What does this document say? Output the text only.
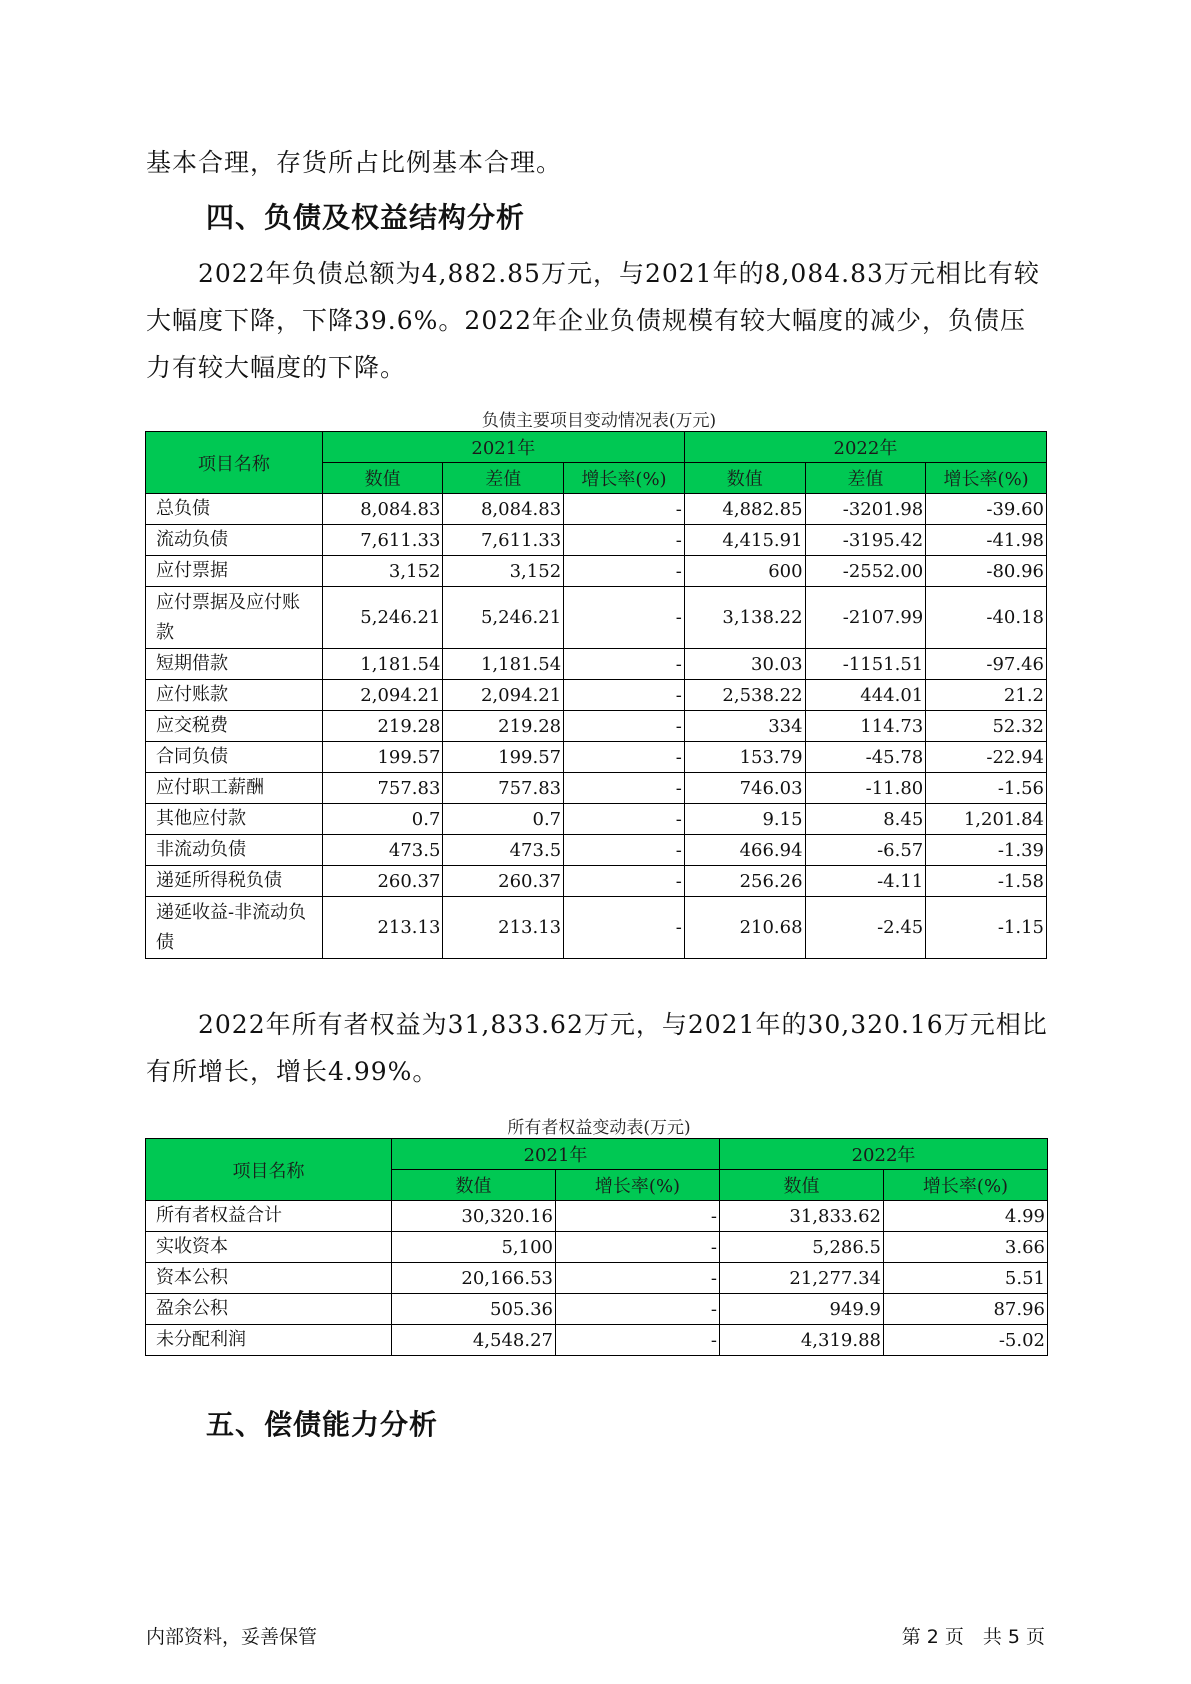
基本合理，存货所占比例基本合理。

四、负债及权益结构分析

2022年负债总额为4,882.85万元，与2021年的8,084.83万元相比有较大幅度下降，下降39.6%。2022年企业负债规模有较大幅度的减少，负债压力有较大幅度的下降。

负债主要项目变动情况表(万元)
项目名称	2021年			2022年		
	数值	差值	增长率(%)	数值	差值	增长率(%)
总负债	8,084.83	8,084.83	-	4,882.85	-3201.98	-39.60
流动负债	7,611.33	7,611.33	-	4,415.91	-3195.42	-41.98
应付票据	3,152	3,152	-	600	-2552.00	-80.96
应付票据及应付账款	5,246.21	5,246.21	-	3,138.22	-2107.99	-40.18
短期借款	1,181.54	1,181.54	-	30.03	-1151.51	-97.46
应付账款	2,094.21	2,094.21	-	2,538.22	444.01	21.2
应交税费	219.28	219.28	-	334	114.73	52.32
合同负债	199.57	199.57	-	153.79	-45.78	-22.94
应付职工薪酬	757.83	757.83	-	746.03	-11.80	-1.56
其他应付款	0.7	0.7	-	9.15	8.45	1,201.84
非流动负债	473.5	473.5	-	466.94	-6.57	-1.39
递延所得税负债	260.37	260.37	-	256.26	-4.11	-1.58
递延收益-非流动负债	213.13	213.13	-	210.68	-2.45	-1.15

2022年所有者权益为31,833.62万元，与2021年的30,320.16万元相比有所增长，增长4.99%。

所有者权益变动表(万元)
项目名称	2021年		2022年	
	数值	增长率(%)	数值	增长率(%)
所有者权益合计	30,320.16	-	31,833.62	4.99
实收资本	5,100	-	5,286.5	3.66
资本公积	20,166.53	-	21,277.34	5.51
盈余公积	505.36	-	949.9	87.96
未分配利润	4,548.27	-	4,319.88	-5.02
五、偿债能力分析
内部资料，妥善保管	第 2 页　共 5 页
